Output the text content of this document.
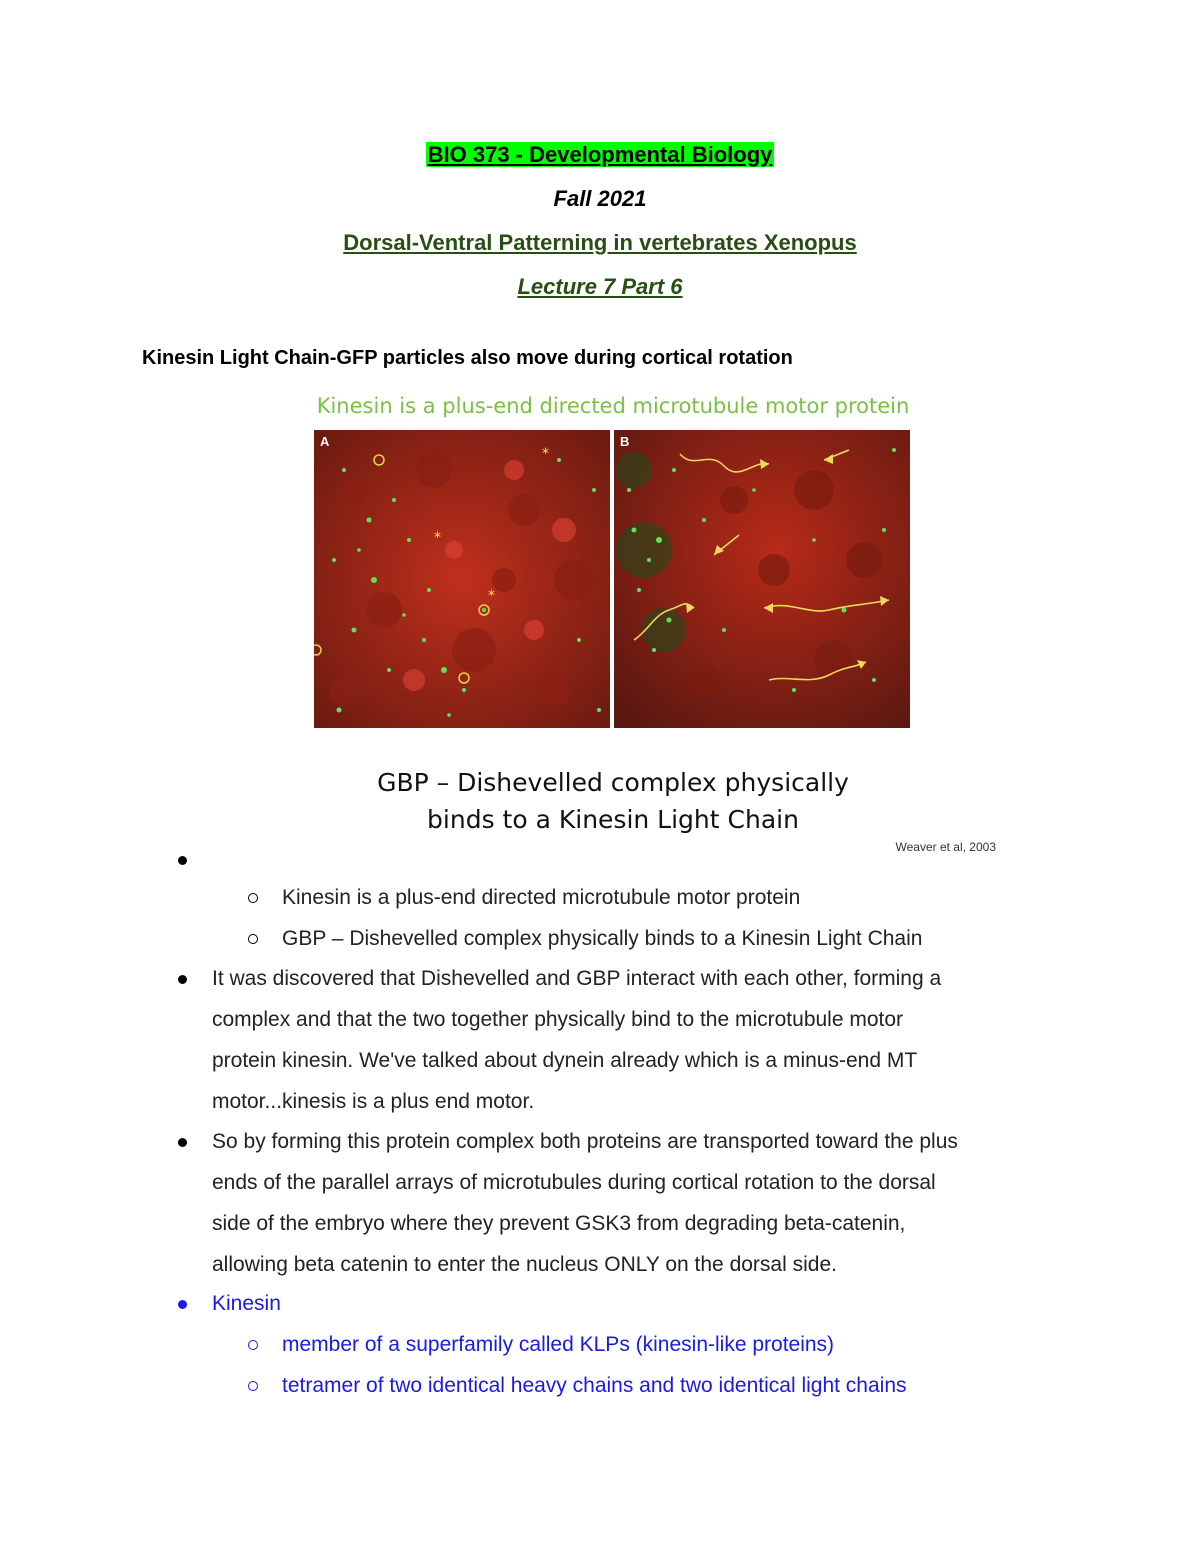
BIO 373 - Developmental Biology
Fall 2021
Dorsal-Ventral Patterning in vertebrates Xenopus
Lecture 7 Part 6
Kinesin Light Chain-GFP particles also move during cortical rotation
Kinesin is a plus-end directed microtubule motor protein
*
*
*
A	B
GBP – Dishevelled complex physically
binds to a Kinesin Light Chain
Weaver et al, 2003
Kinesin is a plus-end directed microtubule motor protein
GBP – Dishevelled complex physically binds to a Kinesin Light Chain
It was discovered that Dishevelled and GBP interact with each other, forming a
complex and that the two together physically bind to the microtubule motor
protein kinesin. We've talked about dynein already which is a minus-end MT
motor...kinesis is a plus end motor.
So by forming this protein complex both proteins are transported toward the plus
ends of the parallel arrays of microtubules during cortical rotation to the dorsal
side of the embryo where they prevent GSK3 from degrading beta-catenin,
allowing beta catenin to enter the nucleus ONLY on the dorsal side.
Kinesin
member of a superfamily called KLPs (kinesin-like proteins)
tetramer of two identical heavy chains and two identical light chains
